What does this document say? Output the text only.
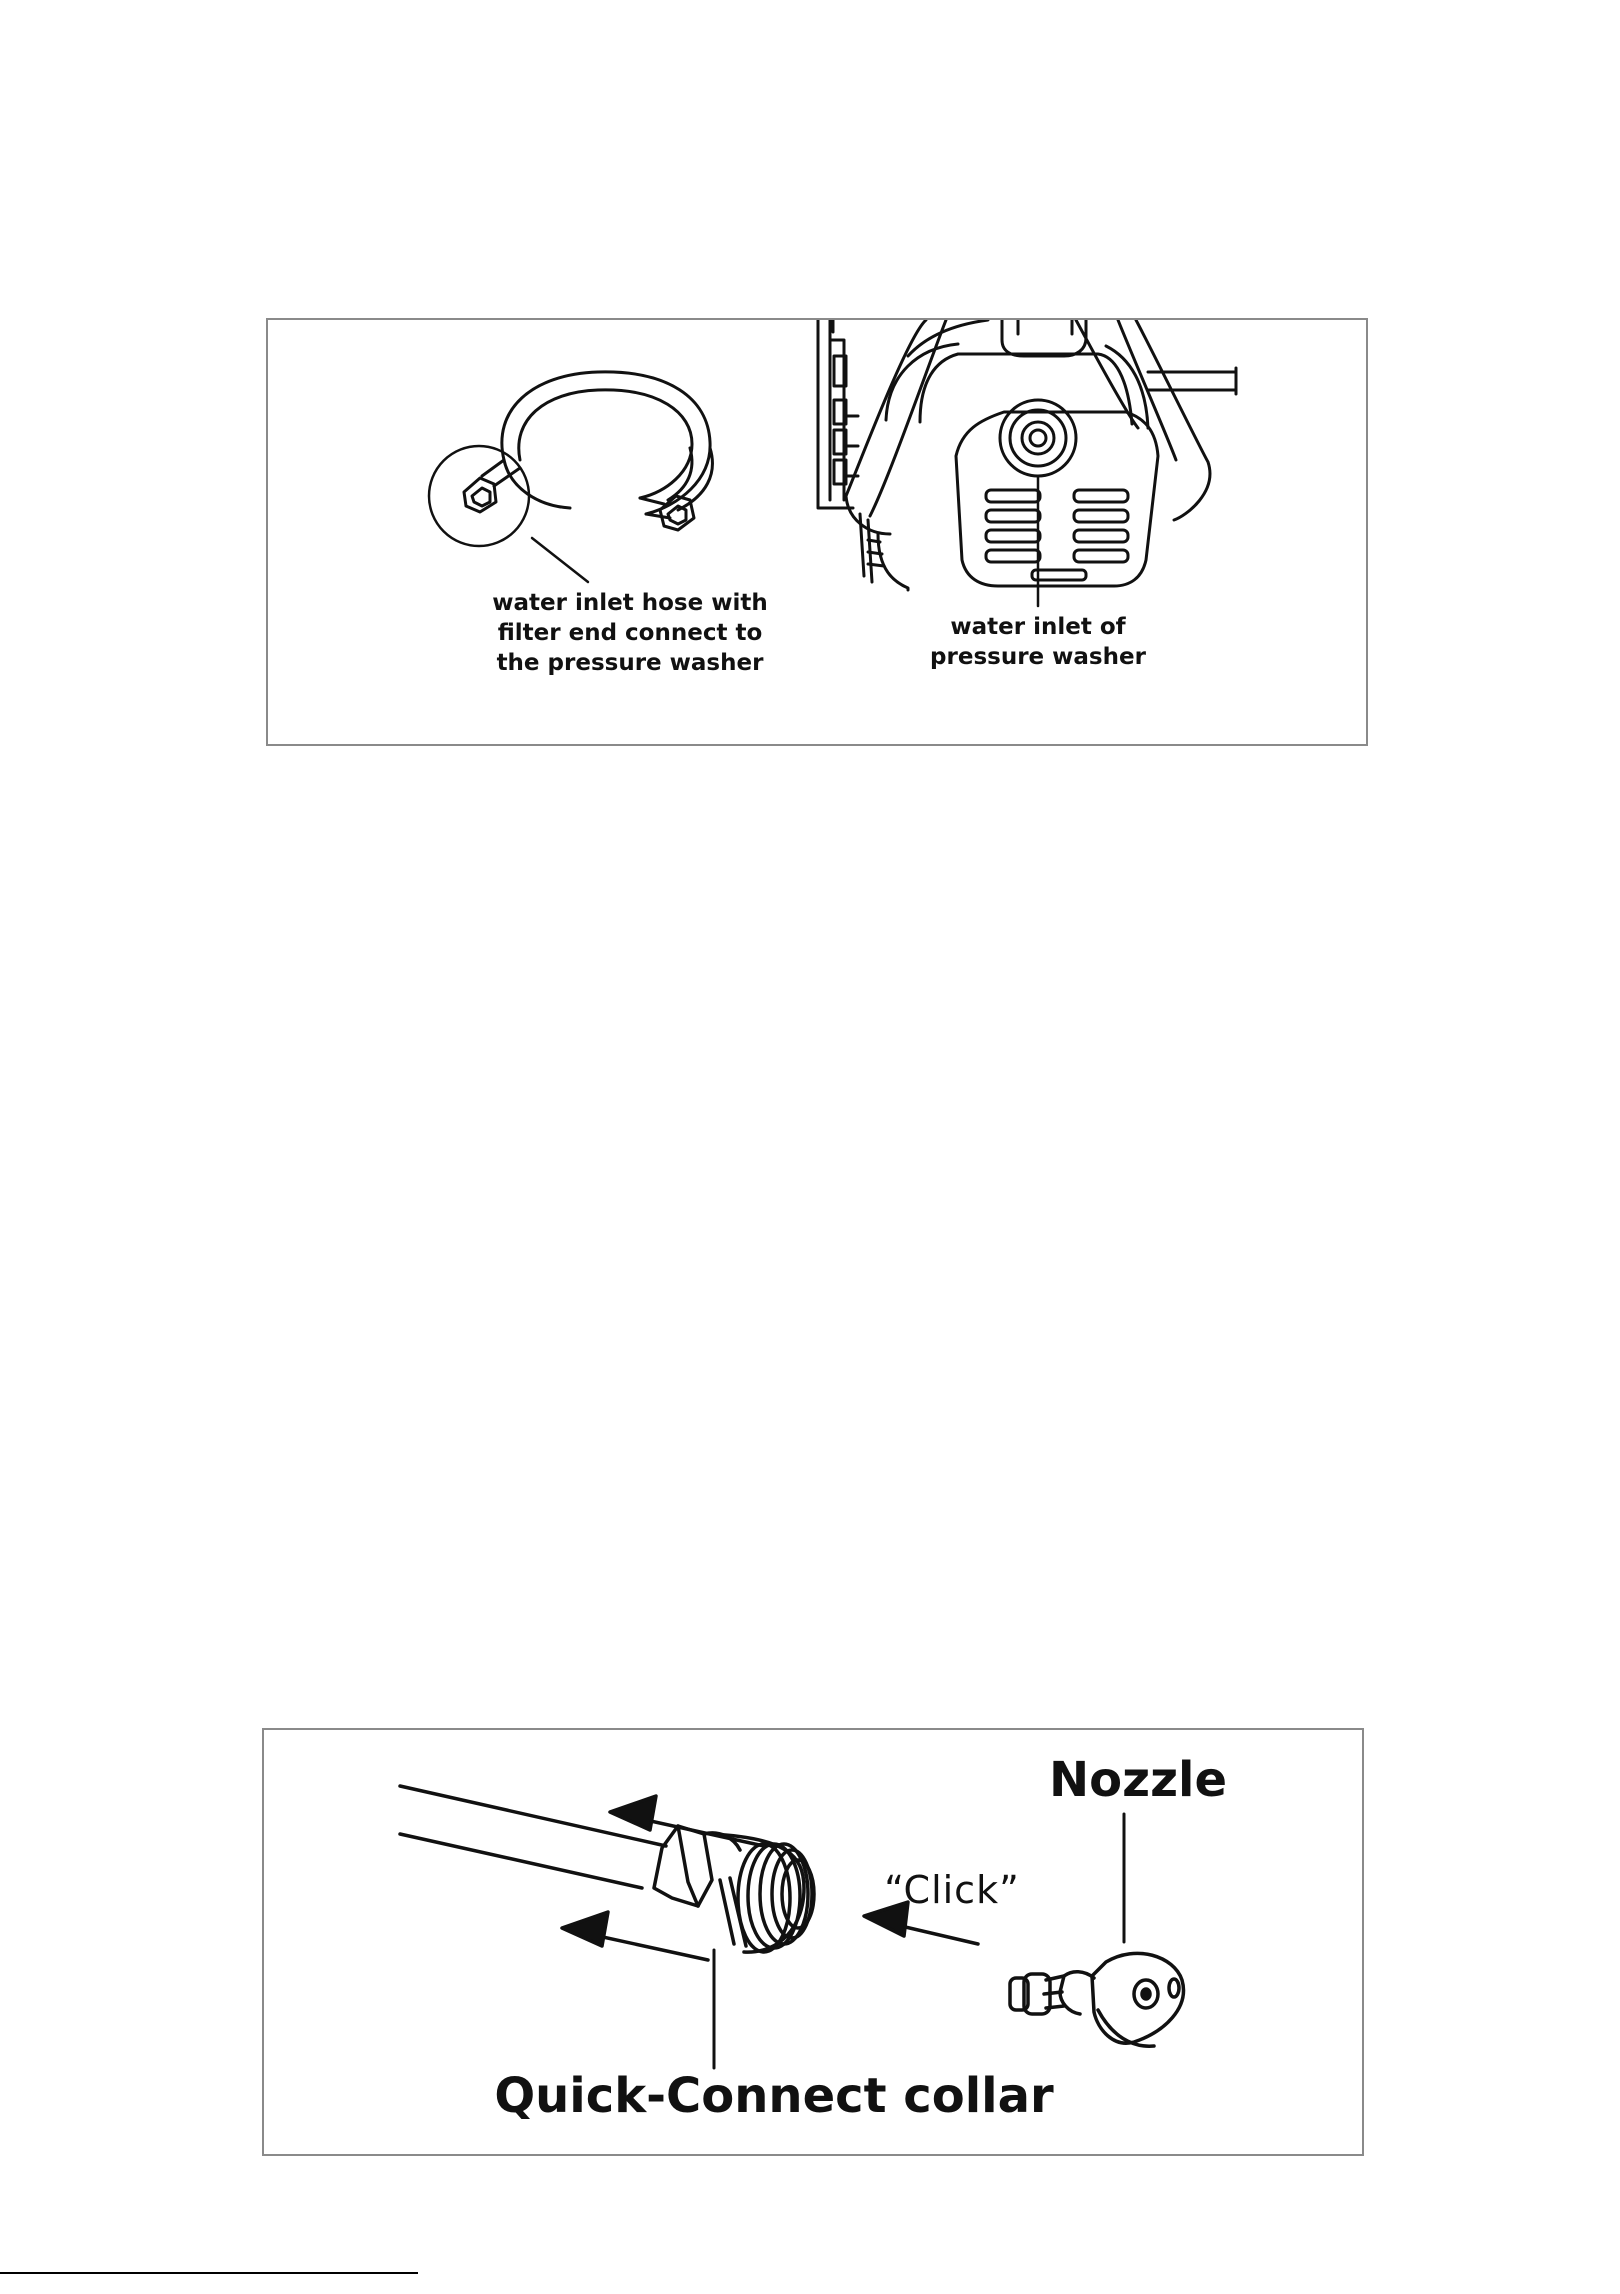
water inlet hose with
filter end connect to
the pressure washer
water inlet of
pressure washer
Nozzle
“Click”
Quick-Connect collar
